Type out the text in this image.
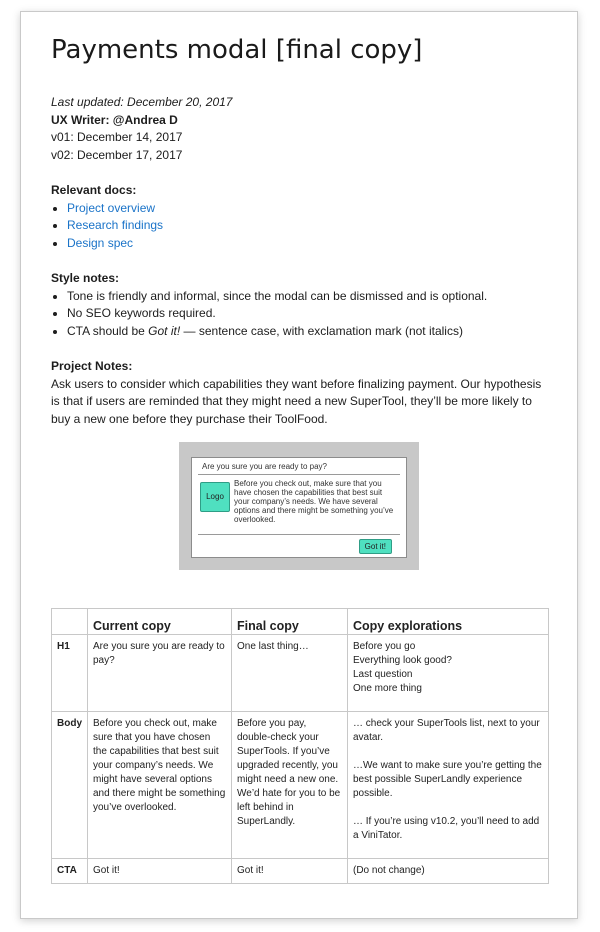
Payments modal [final copy]
Last updated: December 20, 2017
UX Writer: @Andrea D
v01: December 14, 2017
v02: December 17, 2017
Relevant docs:
• Project overview
• Research findings
• Design spec
Style notes:
• Tone is friendly and informal, since the modal can be dismissed and is optional.
• No SEO keywords required.
• CTA should be Got it! — sentence case, with exclamation mark (not italics)
Project Notes:

Ask users to consider which capabilities they want before finalizing payment. Our hypothesis is that if users are reminded that they might need a new SuperTool, they’ll be more likely to buy a new one before they purchase their ToolFood.

Are you sure you are ready to pay?
Logo
Before you check out, make sure that you have chosen the capabilities that best suit your company’s needs. We have several options and there might be something you’ve overlooked.
Got it!
	Current copy	Final copy	Copy explorations
H1	Are you sure you are ready to pay?	One last thing…	Before you go
Everything look good?
Last question
One more thing

Body	Before you check out, make sure that you have chosen the capabilities that best suit your company’s needs. We might have several options and there might be something you’ve overlooked.	Before you pay, double-check your SuperTools. If you’ve upgraded recently, you might need a new one. We’d hate for you to be left behind in SuperLandly.	… check your SuperTools list, next to your avatar.
…We want to make sure you’re getting the best possible SuperLandly experience possible.
… If you’re using v10.2, you’ll need to add a ViniTator.

CTA	Got it!	Got it!	(Do not change)
